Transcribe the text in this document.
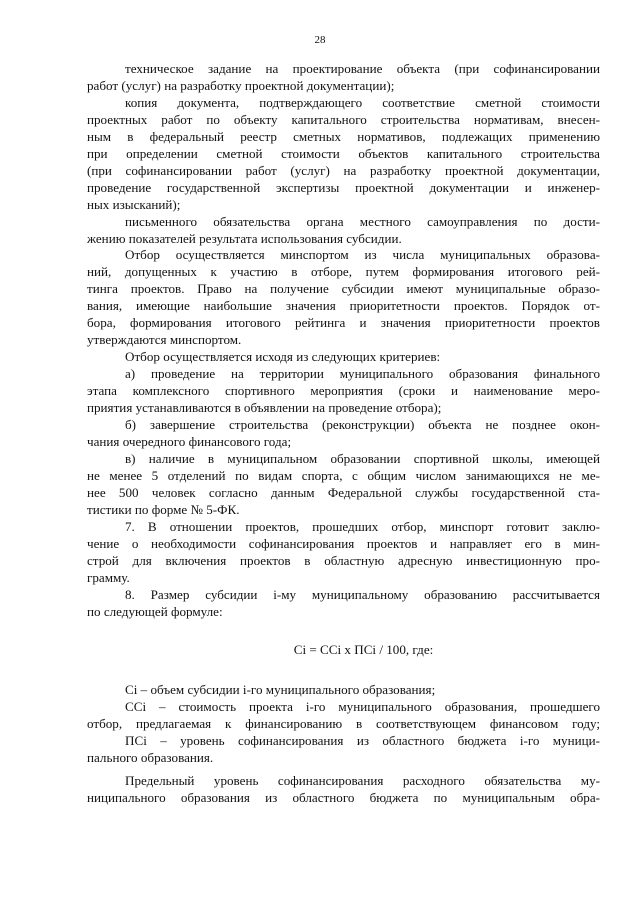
28
техническое задание на проектирование объекта (при софинансировании
работ (услуг) на разработку проектной документации);
копия документа, подтверждающего соответствие сметной стоимости
проектных работ по объекту капитального строительства нормативам, внесен-
ным в федеральный реестр сметных нормативов, подлежащих применению
при определении сметной стоимости объектов капитального строительства
(при софинансировании работ (услуг) на разработку проектной документации,
проведение государственной экспертизы проектной документации и инженер-
ных изысканий);
письменного обязательства органа местного самоуправления по дости-
жению показателей результата использования субсидии.
Отбор осуществляется минспортом из числа муниципальных образова-
ний, допущенных к участию в отборе, путем формирования итогового рей-
тинга проектов. Право на получение субсидии имеют муниципальные образо-
вания, имеющие наибольшие значения приоритетности проектов. Порядок от-
бора, формирования итогового рейтинга и значения приоритетности проектов
утверждаются минспортом.
Отбор осуществляется исходя из следующих критериев:
а) проведение на территории муниципального образования финального
этапа комплексного спортивного мероприятия (сроки и наименование меро-
приятия устанавливаются в объявлении на проведение отбора);
б) завершение строительства (реконструкции) объекта не позднее окон-
чания очередного финансового года;
в) наличие в муниципальном образовании спортивной школы, имеющей
не менее 5 отделений по видам спорта, с общим числом занимающихся не ме-
нее 500 человек согласно данным Федеральной службы государственной ста-
тистики по форме № 5-ФК.
7. В отношении проектов, прошедших отбор, минспорт готовит заклю-
чение о необходимости софинансирования проектов и направляет его в мин-
строй для включения проектов в областную адресную инвестиционную про-
грамму.
8. Размер субсидии i-му муниципальному образованию рассчитывается
по следующей формуле:
Ci = CCi x ПCi / 100, где:
Ci – объем субсидии i-го муниципального образования;
CCi – стоимость проекта i-го муниципального образования, прошедшего
отбор, предлагаемая к финансированию в соответствующем финансовом году;
ПCi – уровень софинансирования из областного бюджета i-го муници-
пального образования.
Предельный уровень софинансирования расходного обязательства му-
ниципального образования из областного бюджета по муниципальным обра-
